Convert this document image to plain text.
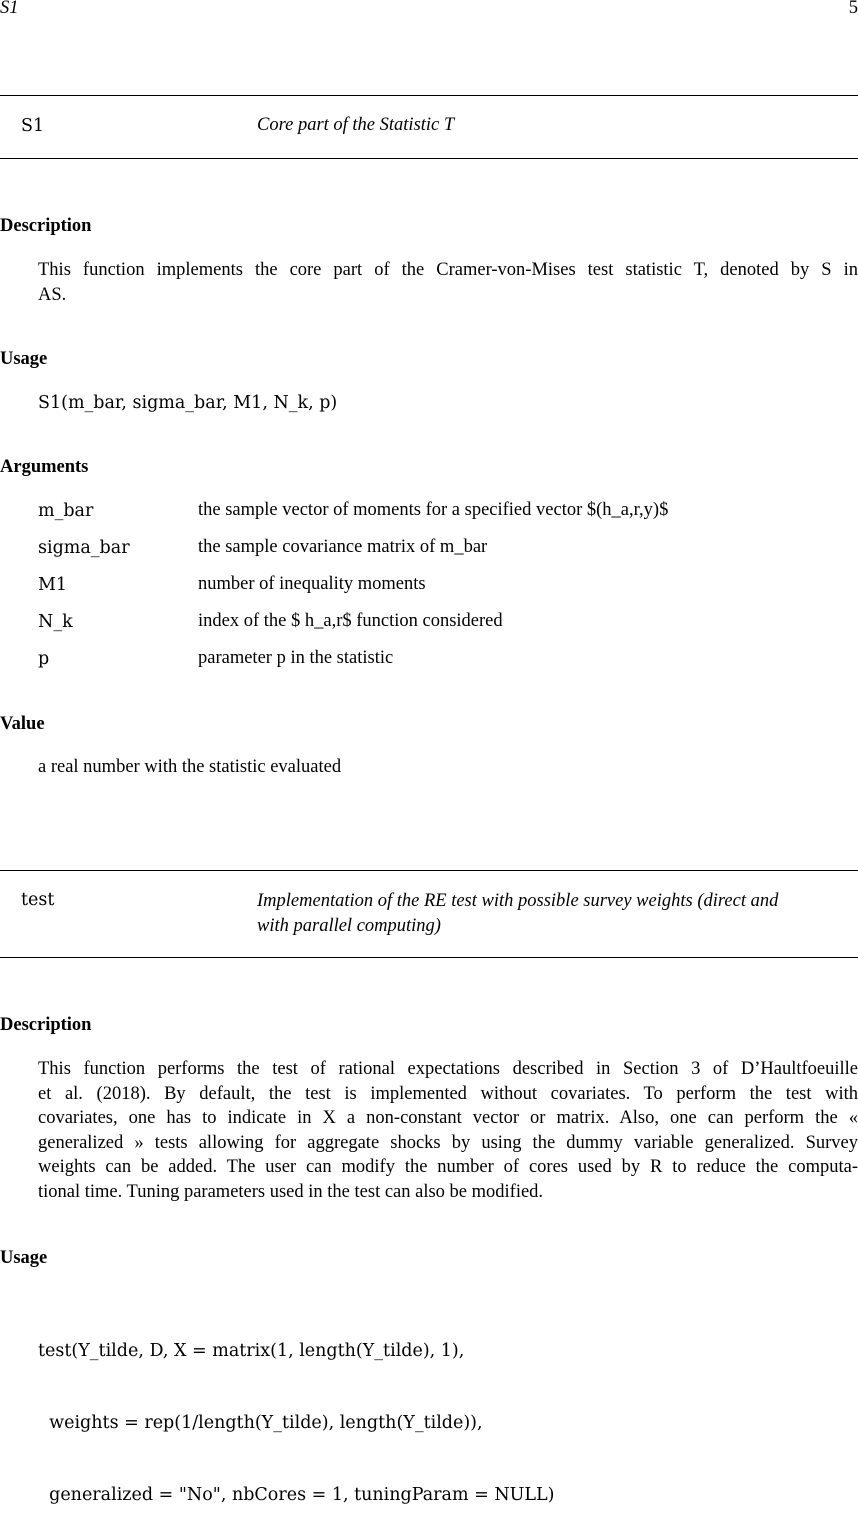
S1	5
S1	Core part of the Statistic T
Description
This function implements the core part of the Cramer-von-Mises test statistic T, denoted by S in
AS.
Usage
S1(m_bar, sigma_bar, M1, N_k, p)
Arguments
m_bar	the sample vector of moments for a specified vector $(h_a,r,y)$
sigma_bar	the sample covariance matrix of m_bar
M1	number of inequality moments
N_k	index of the $ h_a,r$ function considered
p	parameter p in the statistic
Value
a real number with the statistic evaluated
test	Implementation of the RE test with possible survey weights (direct and
with parallel computing)
Description
This function performs the test of rational expectations described in Section 3 of D’Haultfoeuille
et al. (2018). By default, the test is implemented without covariates. To perform the test with
covariates, one has to indicate in X a non-constant vector or matrix. Also, one can perform the «
generalized » tests allowing for aggregate shocks by using the dummy variable generalized. Survey
weights can be added. The user can modify the number of cores used by R to reduce the computa-
tional time. Tuning parameters used in the test can also be modified.
Usage

test(Y_tilde, D, X = matrix(1, length(Y_tilde), 1),

weights = rep(1/length(Y_tilde), length(Y_tilde)),

generalized = "No", nbCores = 1, tuningParam = NULL)
